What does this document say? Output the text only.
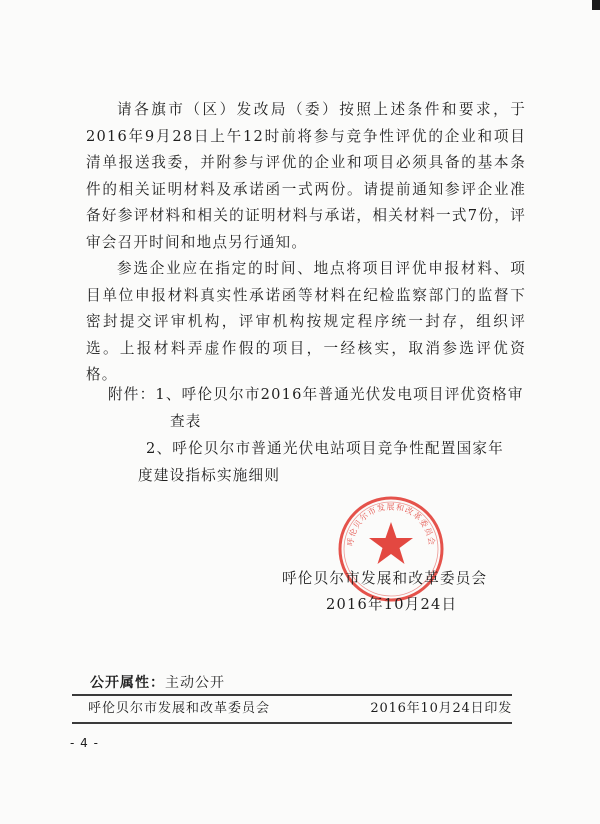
请各旗市（区）发改局（委）按照上述条件和要求，于2016年9月28日上午12时前将参与竞争性评优的企业和项目清单报送我委，并附参与评优的企业和项目必须具备的基本条件的相关证明材料及承诺函一式两份。请提前通知参评企业准备好参评材料和相关的证明材料与承诺，相关材料一式7份，评审会召开时间和地点另行通知。

参选企业应在指定的时间、地点将项目评优申报材料、项目单位申报材料真实性承诺函等材料在纪检监察部门的监督下密封提交评审机构，评审机构按规定程序统一封存，组织评选。上报材料弄虚作假的项目，一经核实，取消参选评优资格。

附件：1、呼伦贝尔市2016年普通光伏发电项目评优资格审
查表
2、呼伦贝尔市普通光伏电站项目竞争性配置国家年
度建设指标实施细则
呼伦贝尔市发展和改革委员会
呼伦贝尔市发展和改革委员会
2016年10月24日
公开属性：主动公开
呼伦贝尔市发展和改革委员会	2016年10月24日印发
- 4 -
